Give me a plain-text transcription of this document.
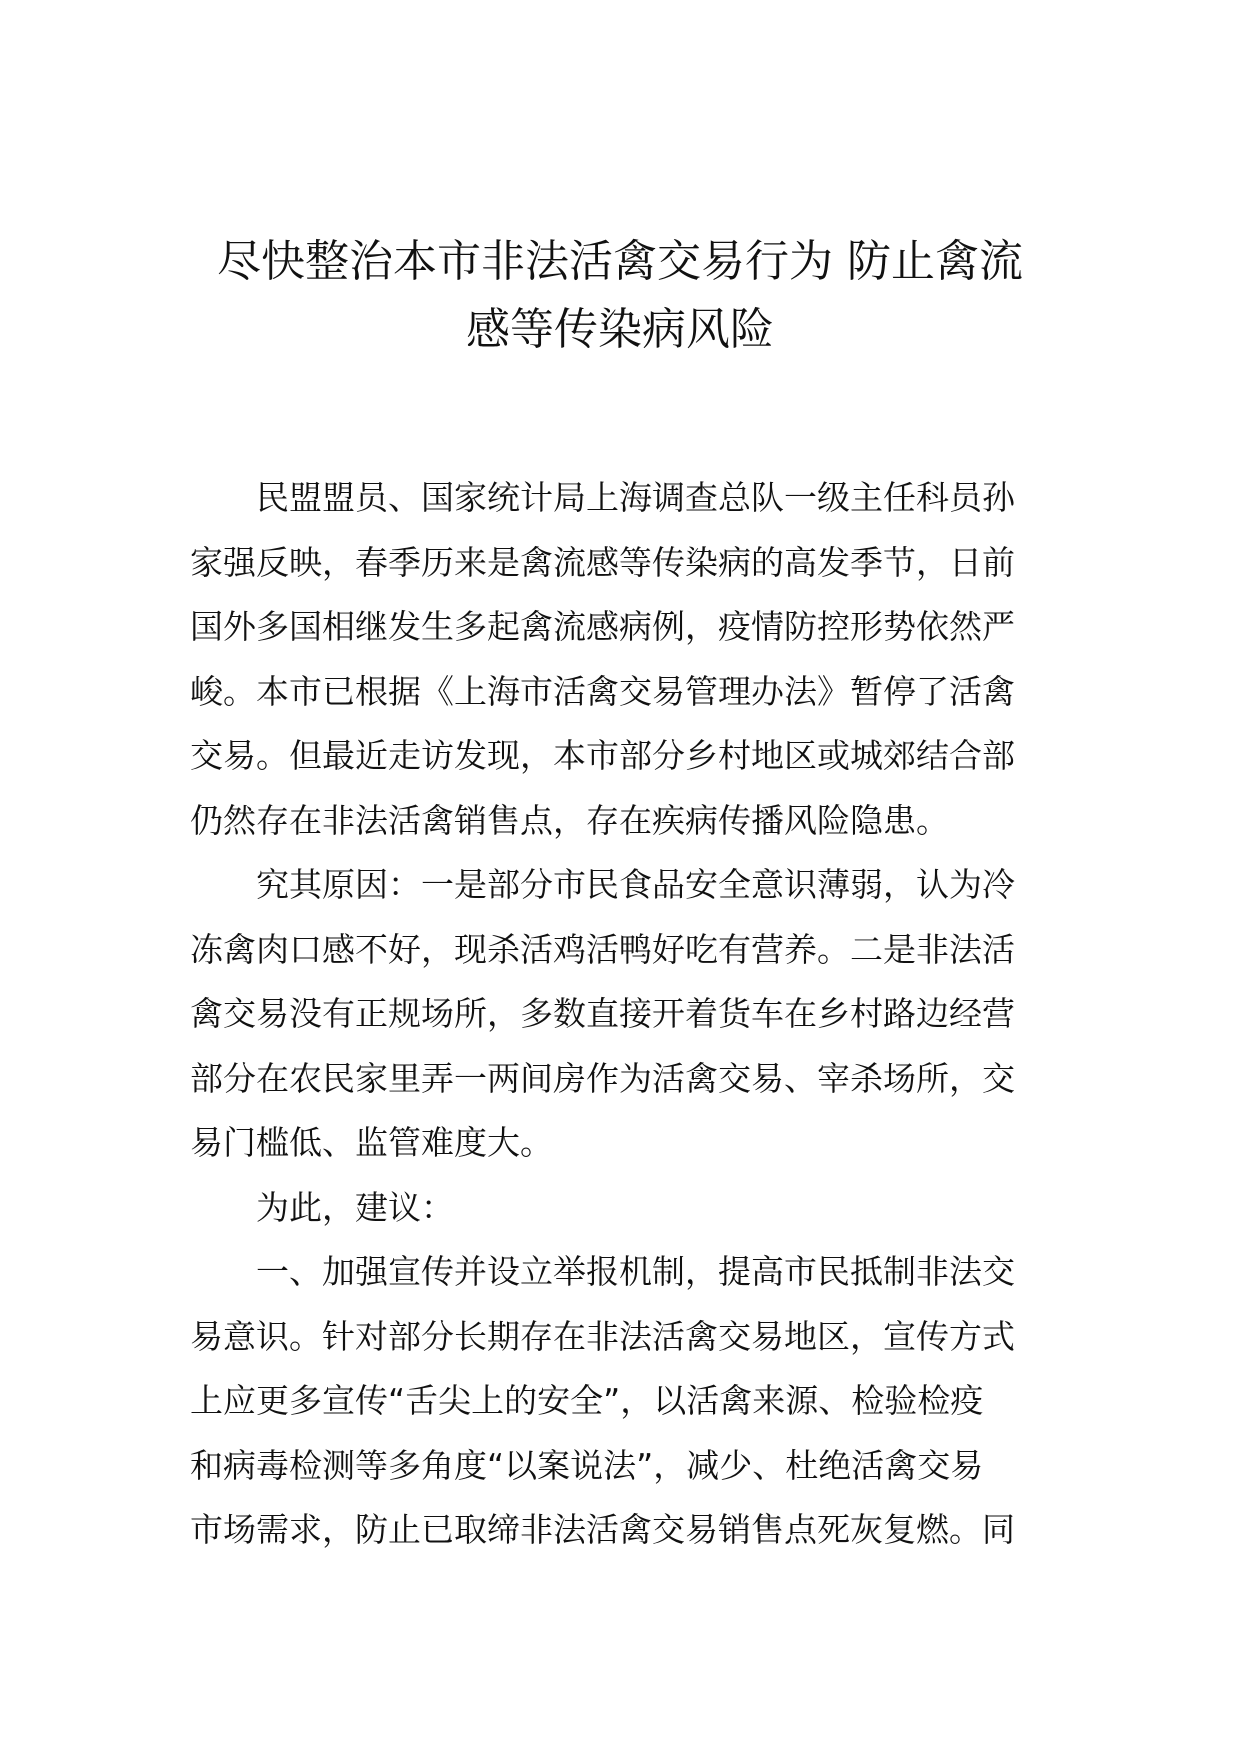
尽快整治本市非法活禽交易行为 防止禽流
感等传染病风险
民盟盟员、国家统计局上海调查总队一级主任科员孙
家强反映，春季历来是禽流感等传染病的高发季节，日前
国外多国相继发生多起禽流感病例，疫情防控形势依然严
峻。本市已根据《上海市活禽交易管理办法》暂停了活禽
交易。但最近走访发现，本市部分乡村地区或城郊结合部
仍然存在非法活禽销售点，存在疾病传播风险隐患。
究其原因：一是部分市民食品安全意识薄弱，认为冷
冻禽肉口感不好，现杀活鸡活鸭好吃有营养。二是非法活
禽交易没有正规场所，多数直接开着货车在乡村路边经营
部分在农民家里弄一两间房作为活禽交易、宰杀场所，交
易门槛低、监管难度大。
为此，建议：
一、加强宣传并设立举报机制，提高市民抵制非法交
易意识。针对部分长期存在非法活禽交易地区，宣传方式
上应更多宣传“舌尖上的安全”，以活禽来源、检验检疫
和病毒检测等多角度“以案说法”，减少、杜绝活禽交易
市场需求，防止已取缔非法活禽交易销售点死灰复燃。同
